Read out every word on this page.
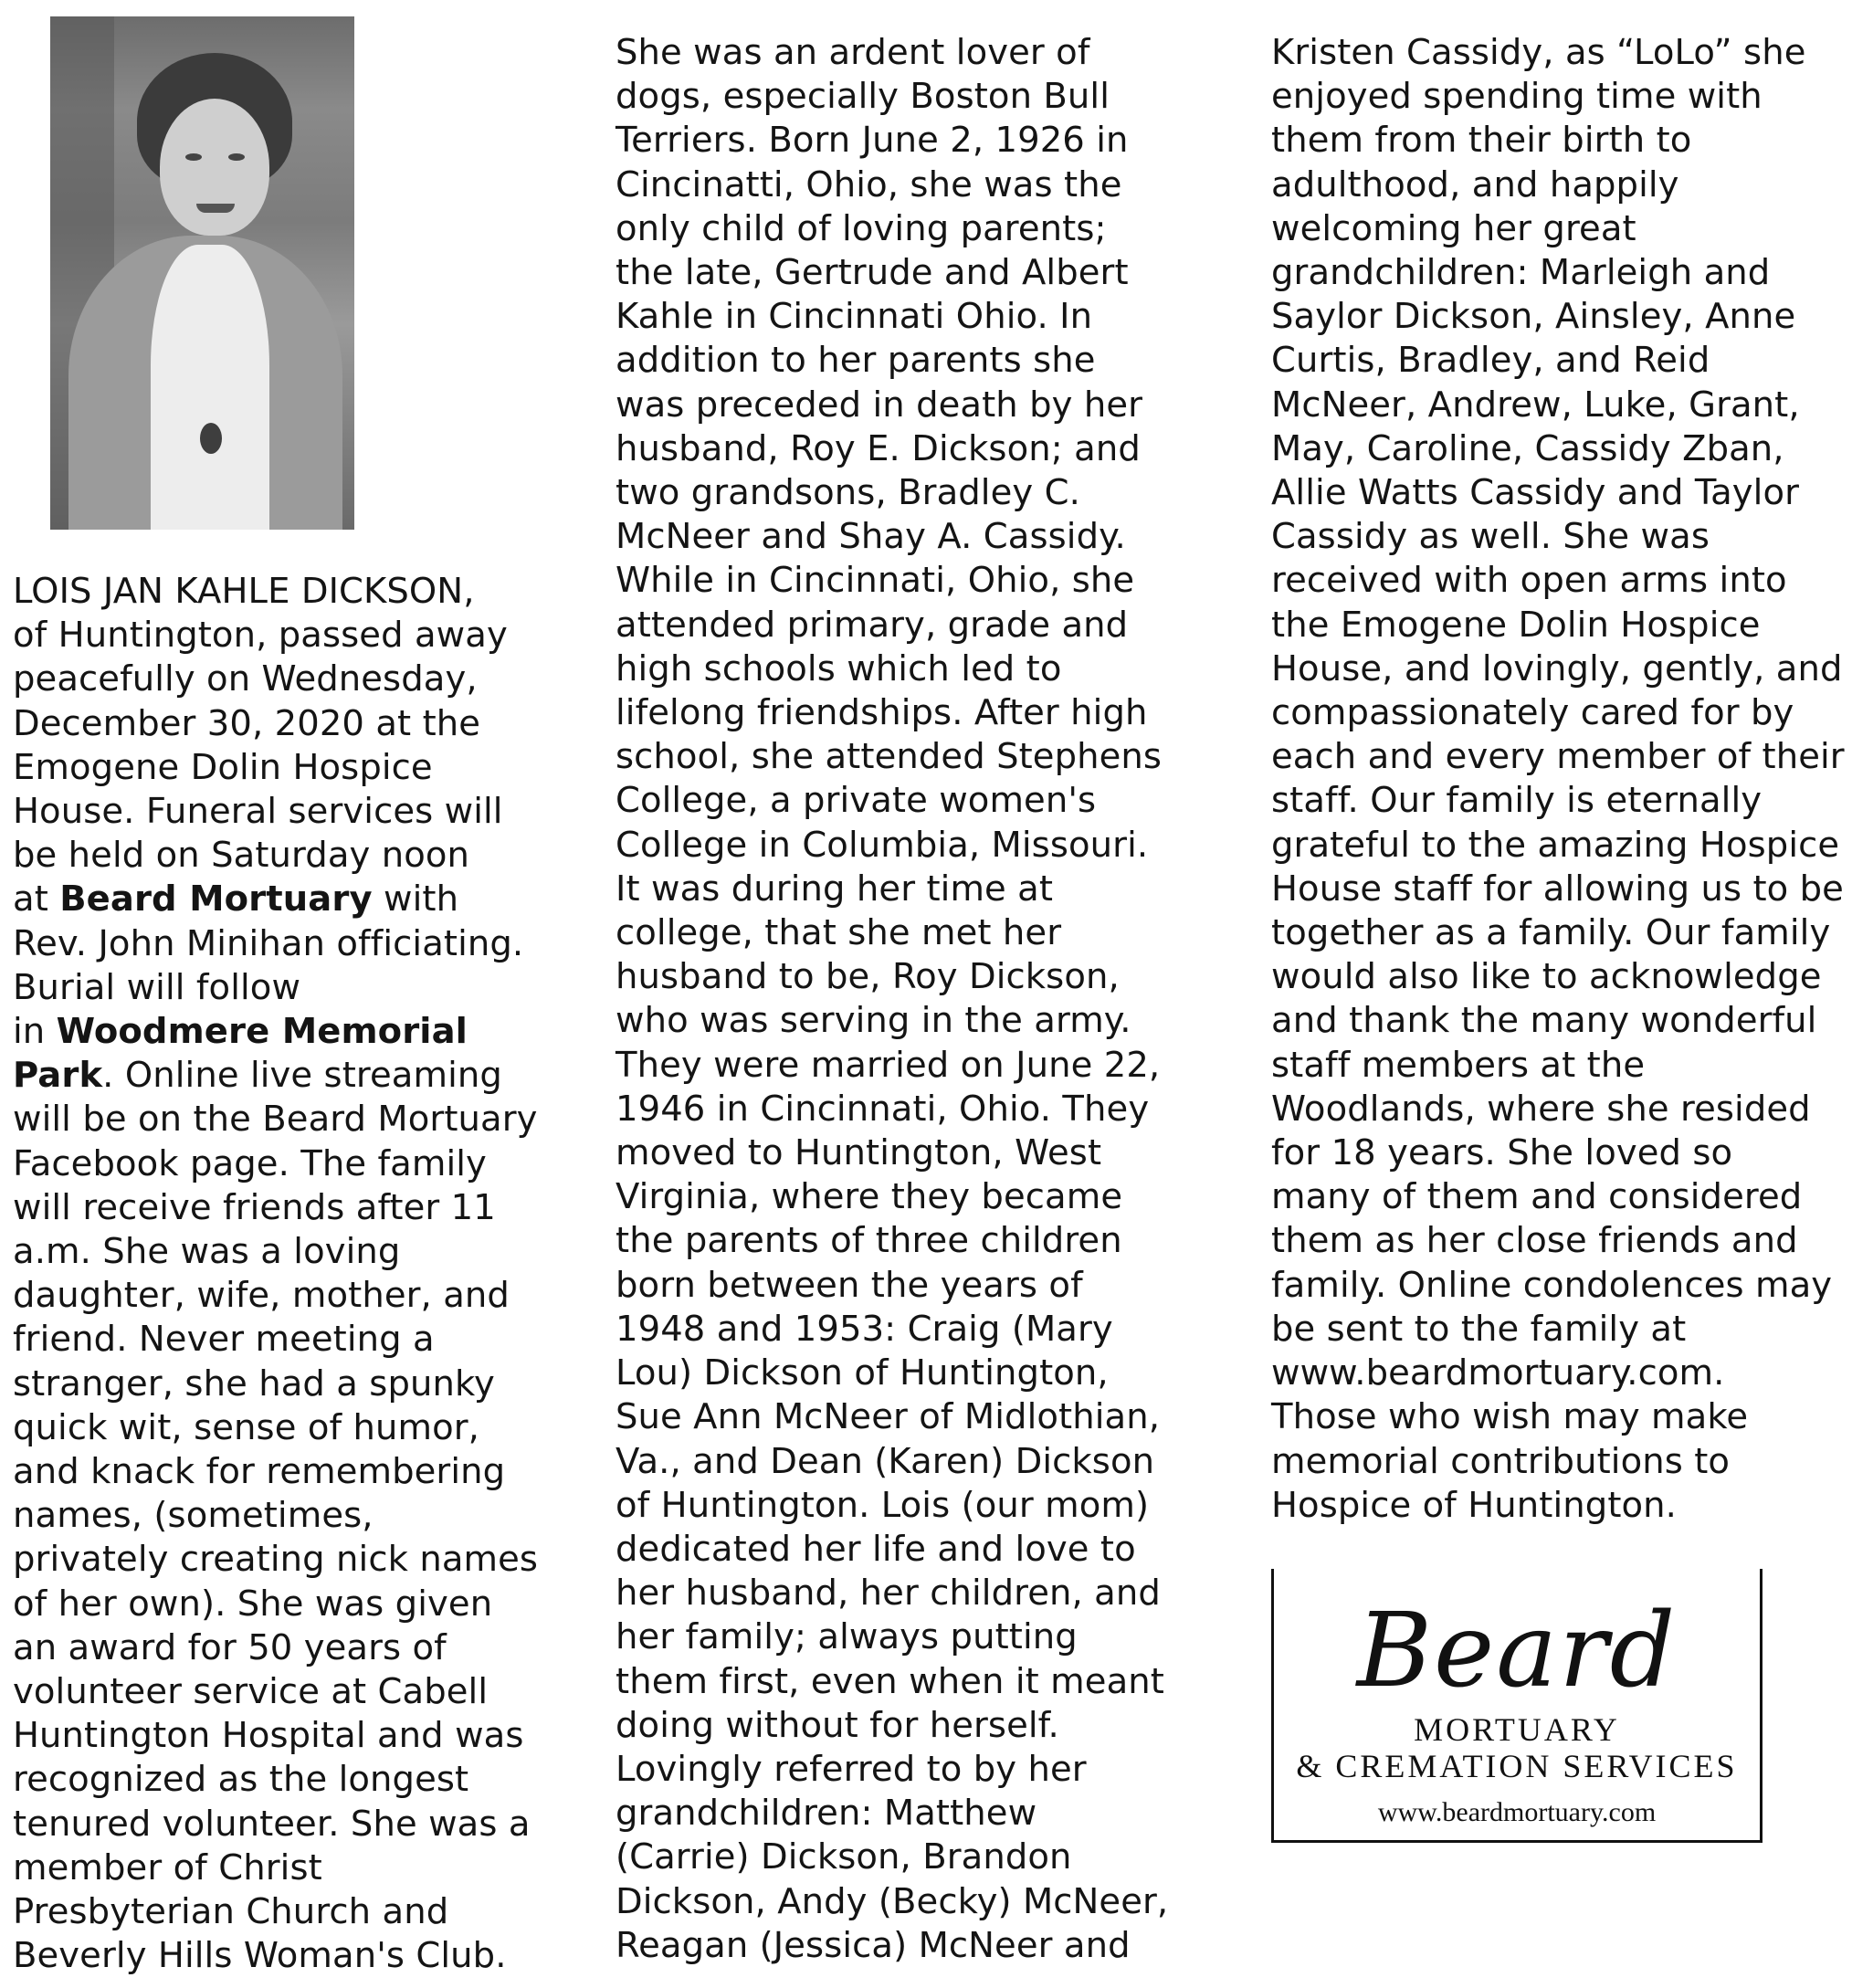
LOIS JAN KAHLE DICKSON,
of Huntington, passed away
peacefully on Wednesday,
December 30, 2020 at the
Emogene Dolin Hospice
House. Funeral services will
be held on Saturday noon
at Beard Mortuary with
Rev. John Minihan officiating.
Burial will follow
in Woodmere Memorial
Park. Online live streaming
will be on the Beard Mortuary
Facebook page. The family
will receive friends after 11
a.m. She was a loving
daughter, wife, mother, and
friend. Never meeting a
stranger, she had a spunky
quick wit, sense of humor,
and knack for remembering
names, (sometimes,
privately creating nick names
of her own). She was given
an award for 50 years of
volunteer service at Cabell
Huntington Hospital and was
recognized as the longest
tenured volunteer. She was a
member of Christ
Presbyterian Church and
Beverly Hills Woman's Club.
She was an ardent lover of
dogs, especially Boston Bull
Terriers. Born June 2, 1926 in
Cincinatti, Ohio, she was the
only child of loving parents;
the late, Gertrude and Albert
Kahle in Cincinnati Ohio. In
addition to her parents she
was preceded in death by her
husband, Roy E. Dickson; and
two grandsons, Bradley C.
McNeer and Shay A. Cassidy.
While in Cincinnati, Ohio, she
attended primary, grade and
high schools which led to
lifelong friendships. After high
school, she attended Stephens
College, a private women's
College in Columbia, Missouri.
It was during her time at
college, that she met her
husband to be, Roy Dickson,
who was serving in the army.
They were married on June 22,
1946 in Cincinnati, Ohio. They
moved to Huntington, West
Virginia, where they became
the parents of three children
born between the years of
1948 and 1953: Craig (Mary
Lou) Dickson of Huntington,
Sue Ann McNeer of Midlothian,
Va., and Dean (Karen) Dickson
of Huntington. Lois (our mom)
dedicated her life and love to
her husband, her children, and
her family; always putting
them first, even when it meant
doing without for herself.
Lovingly referred to by her
grandchildren: Matthew
(Carrie) Dickson, Brandon
Dickson, Andy (Becky) McNeer,
Reagan (Jessica) McNeer and
Kristen Cassidy, as “LoLo” she
enjoyed spending time with
them from their birth to
adulthood, and happily
welcoming her great
grandchildren: Marleigh and
Saylor Dickson, Ainsley, Anne
Curtis, Bradley, and Reid
McNeer, Andrew, Luke, Grant,
May, Caroline, Cassidy Zban,
Allie Watts Cassidy and Taylor
Cassidy as well. She was
received with open arms into
the Emogene Dolin Hospice
House, and lovingly, gently, and
compassionately cared for by
each and every member of their
staff. Our family is eternally
grateful to the amazing Hospice
House staff for allowing us to be
together as a family. Our family
would also like to acknowledge
and thank the many wonderful
staff members at the
Woodlands, where she resided
for 18 years. She loved so
many of them and considered
them as her close friends and
family. Online condolences may
be sent to the family at
www.beardmortuary.com.
Those who wish may make
memorial contributions to
Hospice of Huntington.
Beard
MORTUARY
& CREMATION SERVICES
www.beardmortuary.com
